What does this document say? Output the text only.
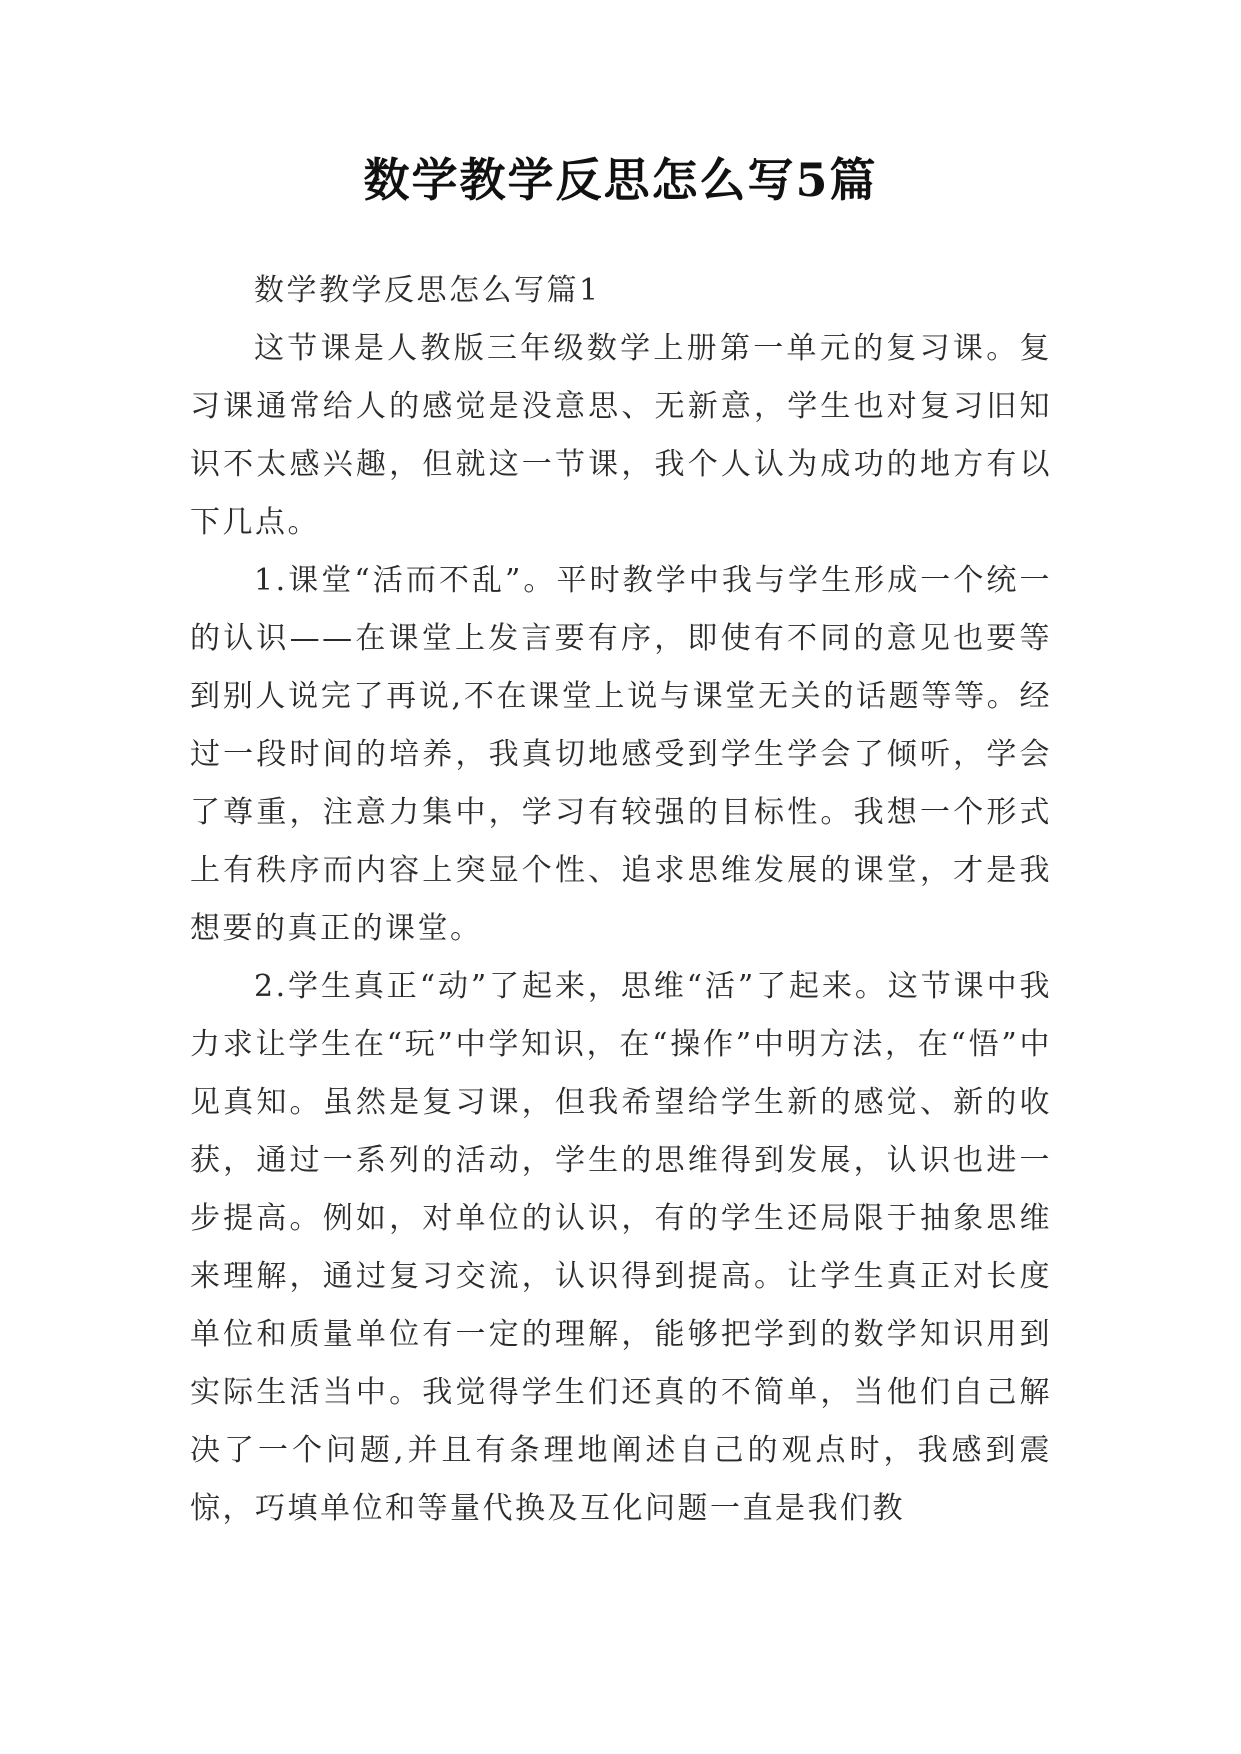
数学教学反思怎么写5篇

数学教学反思怎么写篇1

这节课是人教版三年级数学上册第一单元的复习课。复习课通常给人的感觉是没意思、无新意，学生也对复习旧知识不太感兴趣，但就这一节课，我个人认为成功的地方有以下几点。

1.课堂“活而不乱”。平时教学中我与学生形成一个统一的认识——在课堂上发言要有序，即使有不同的意见也要等到别人说完了再说,不在课堂上说与课堂无关的话题等等。经过一段时间的培养，我真切地感受到学生学会了倾听，学会了尊重，注意力集中，学习有较强的目标性。我想一个形式上有秩序而内容上突显个性、追求思维发展的课堂，才是我想要的真正的课堂。

2.学生真正“动”了起来，思维“活”了起来。这节课中我力求让学生在“玩”中学知识，在“操作”中明方法，在“悟”中见真知。虽然是复习课，但我希望给学生新的感觉、新的收获，通过一系列的活动，学生的思维得到发展，认识也进一步提高。例如，对单位的认识，有的学生还局限于抽象思维来理解，通过复习交流，认识得到提高。让学生真正对长度单位和质量单位有一定的理解，能够把学到的数学知识用到实际生活当中。我觉得学生们还真的不简单，当他们自己解决了一个问题,并且有条理地阐述自己的观点时，我感到震惊，巧填单位和等量代换及互化问题一直是我们教
